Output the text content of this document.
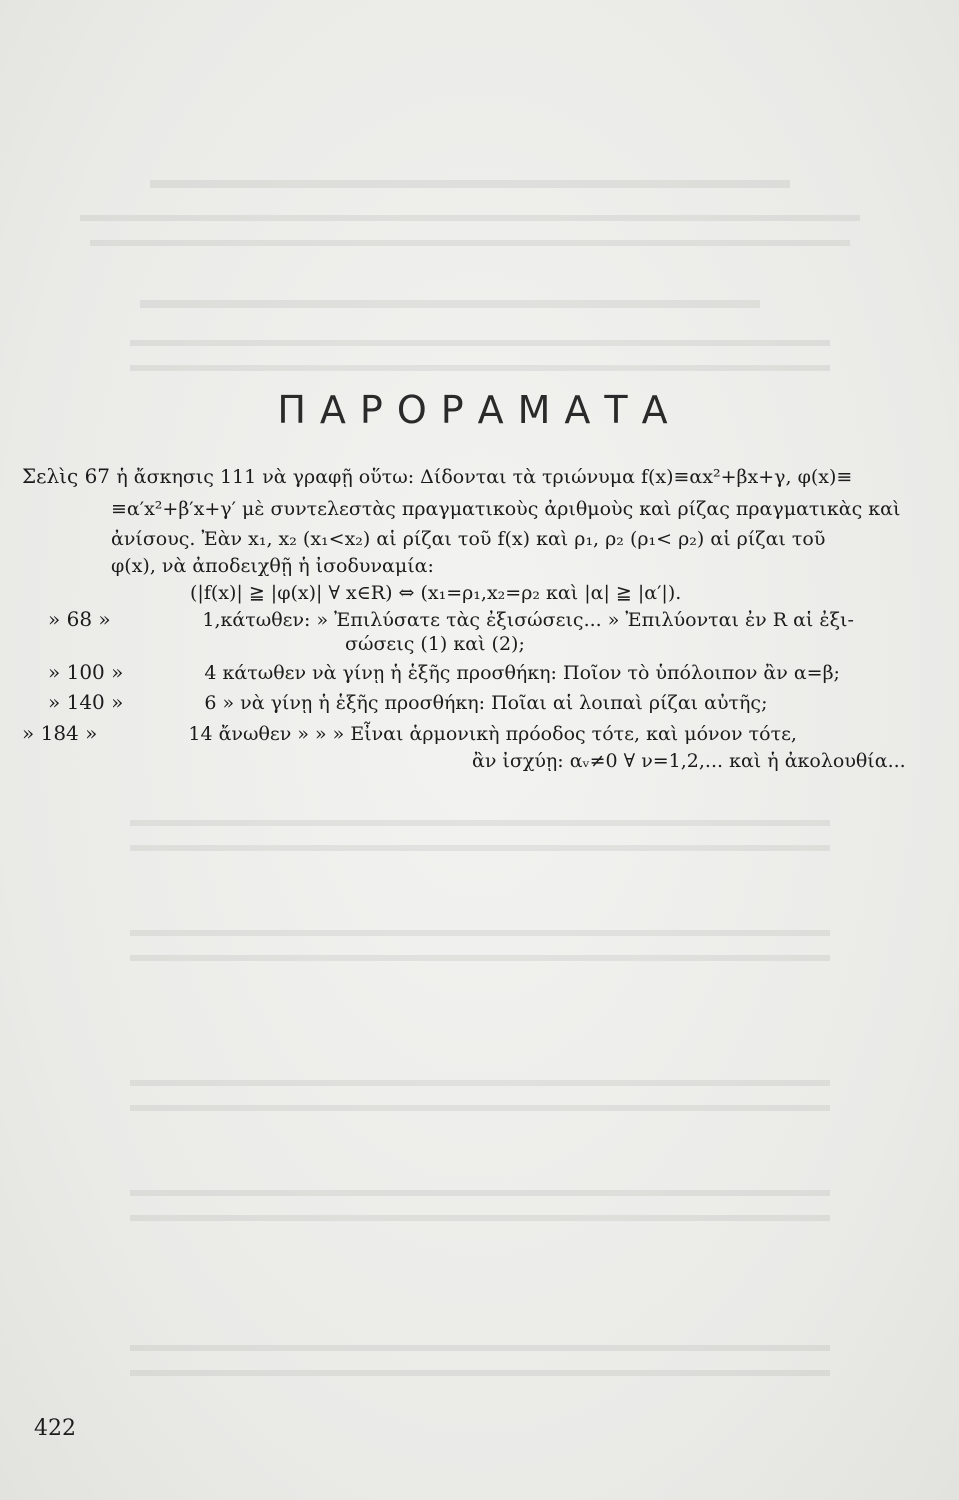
ΠΑΡΟΡΑΜΑΤΑ
Σελὶς 67 ἡ ἄσκησις 111 νὰ γραφῇ οὕτω: Δίδονται τὰ τριώνυμα f(x)≡αx²+βx+γ, φ(x)≡
≡α′x²+β′x+γ′ μὲ συντελεστὰς πραγματικοὺς ἀριθμοὺς καὶ ρίζας πραγματικὰς καὶ
ἀνίσους. Ἐὰν x₁, x₂ (x₁<x₂) αἱ ρίζαι τοῦ f(x) καὶ ρ₁, ρ₂ (ρ₁< ρ₂) αἱ ρίζαι τοῦ
φ(x), νὰ ἀποδειχθῇ ἡ ἰσοδυναμία:
(|f(x)| ≧ |φ(x)| ∀ x∈R) ⇔ (x₁=ρ₁,x₂=ρ₂ καὶ |α| ≧ |α′|).
» 68 »	1,κάτωθεν: » Ἐπιλύσατε τὰς ἐξισώσεις... » Ἐπιλύονται ἐν R αἱ ἐξι-
σώσεις (1) καὶ (2);
» 100 »	4 κάτωθεν νὰ γίνῃ ἡ ἑξῆς προσθήκη: Ποῖον τὸ ὑπόλοιπον ἂν α=β;
» 140 »	6 » νὰ γίνῃ ἡ ἑξῆς προσθήκη: Ποῖαι αἱ λοιπαὶ ρίζαι αὐτῆς;
» 184 »	14 ἄνωθεν » » » Εἶναι ἁρμονικὴ πρόοδος τότε, καὶ μόνον τότε,
ἂν ἰσχύῃ: αᵥ≠0 ∀ ν=1,2,... καὶ ἡ ἀκολουθία...
422
